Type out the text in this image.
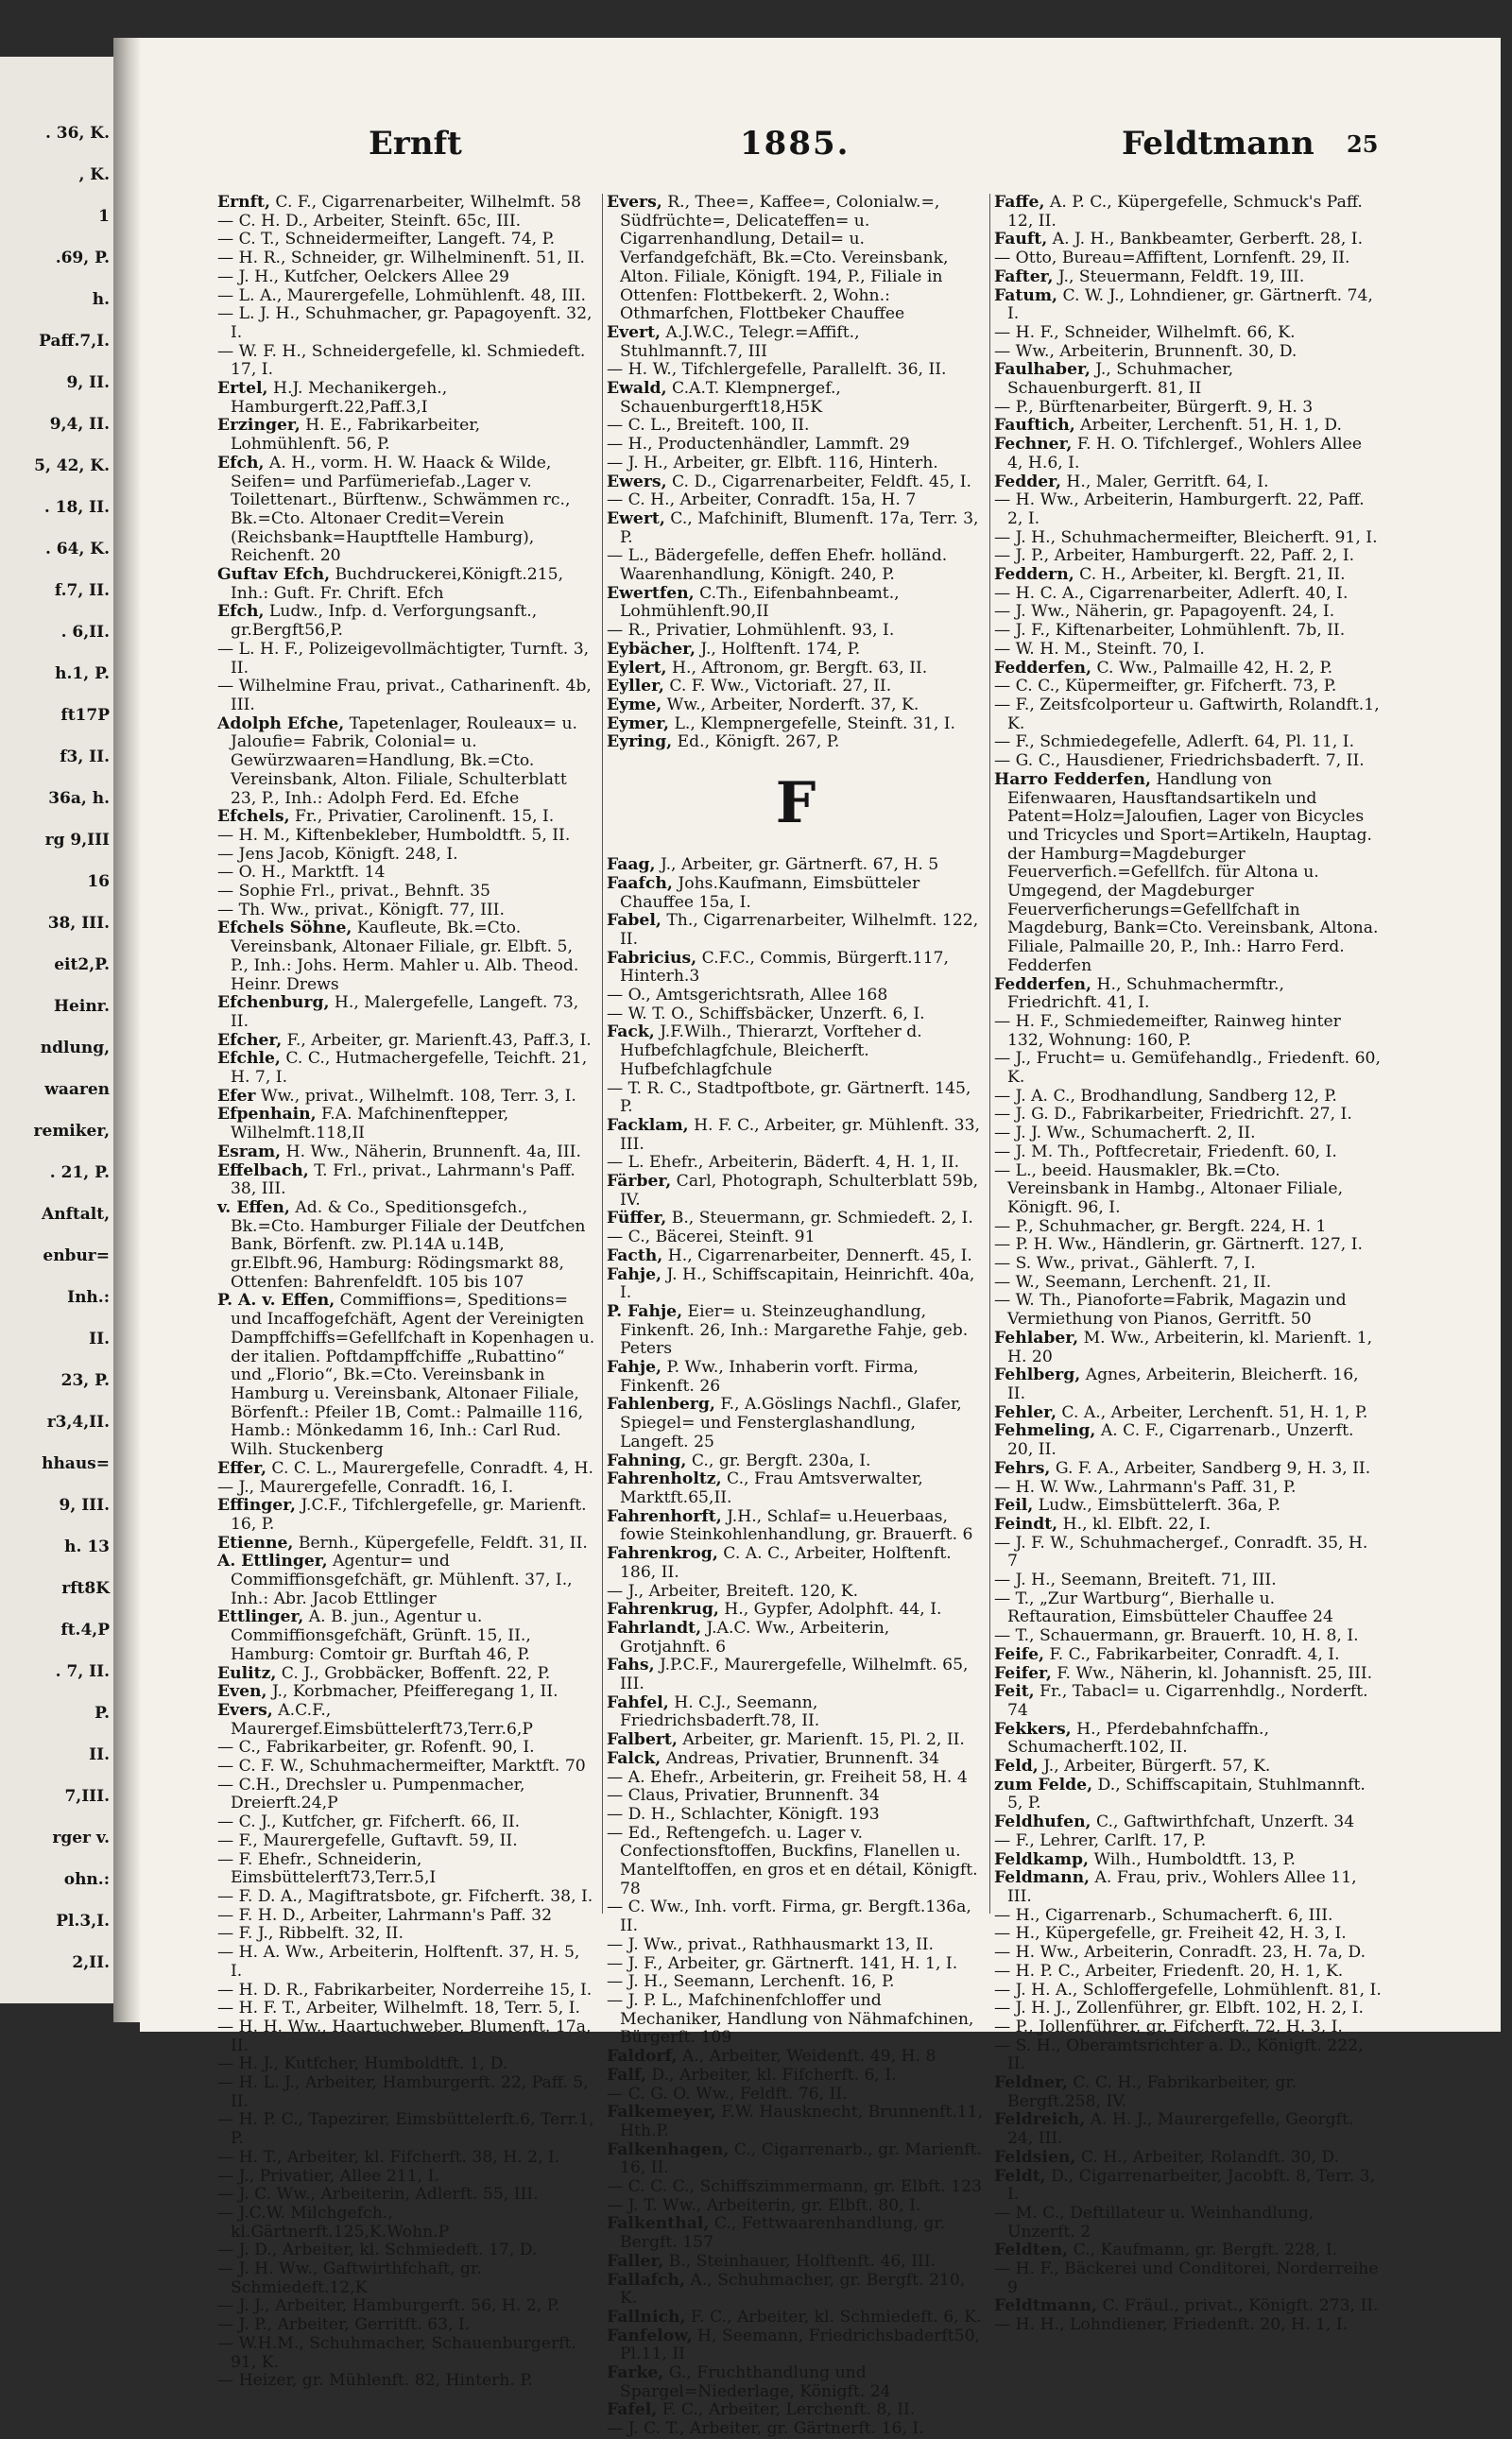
. 36, K.
, K.
1
.69, P.
h.
Paff.7,I.
9, II.
9,4, II.
5, 42, K.
. 18, II.
. 64, K.
f.7, II.
. 6,II.
h.1, P.
ft17P
f3, II.
36a, h.
rg 9,III
16
38, III.
eit2,P.
Heinr.
ndlung,
waaren
remiker,
. 21, P.
Anftalt,
enbur=
Inh.:
II.
23, P.
r3,4,II.
hhaus=
9, III.
h. 13
rft8K
ft.4,P
. 7, II.
P.
II.
7,III.
rger v.
ohn.:
Pl.3,I.
2,II.
Ernft	1885.	Feldtmann 25

Ernft, C. F., Cigarrenarbeiter, Wilhelmft. 58

— C. H. D., Arbeiter, Steinft. 65c, III.

— C. T., Schneidermeifter, Langeft. 74, P.

— H. R., Schneider, gr. Wilhelminenft. 51, II.

— J. H., Kutfcher, Oelckers Allee 29

— L. A., Maurergefelle, Lohmühlenft. 48, III.

— L. J. H., Schuhmacher, gr. Papagoyenft. 32, I.

— W. F. H., Schneidergefelle, kl. Schmiedeft. 17, I.

Ertel, H.J. Mechanikergeh., Hamburgerft.22,Paff.3,I

Erzinger, H. E., Fabrikarbeiter, Lohmühlenft. 56, P.

Efch, A. H., vorm. H. W. Haack & Wilde, Seifen= und Parfümeriefab.,Lager v. Toilettenart., Bürftenw., Schwämmen rc., Bk.=Cto. Altonaer Credit=Verein (Reichsbank=Hauptftelle Hamburg), Reichenft. 20

Guftav Efch, Buchdruckerei,Königft.215, Inh.: Guft. Fr. Chrift. Efch

Efch, Ludw., Infp. d. Verforgungsanft., gr.Bergft56,P.

— L. H. F., Polizeigevollmächtigter, Turnft. 3, II.

— Wilhelmine Frau, privat., Catharinenft. 4b, III.

Adolph Efche, Tapetenlager, Rouleaux= u. Jaloufie= Fabrik, Colonial= u. Gewürzwaaren=Handlung, Bk.=Cto. Vereinsbank, Alton. Filiale, Schulterblatt 23, P., Inh.: Adolph Ferd. Ed. Efche

Efchels, Fr., Privatier, Carolinenft. 15, I.

— H. M., Kiftenbekleber, Humboldtft. 5, II.

— Jens Jacob, Königft. 248, I.

— O. H., Marktft. 14

— Sophie Frl., privat., Behnft. 35

— Th. Ww., privat., Königft. 77, III.

Efchels Söhne, Kaufleute, Bk.=Cto. Vereinsbank, Altonaer Filiale, gr. Elbft. 5, P., Inh.: Johs. Herm. Mahler u. Alb. Theod. Heinr. Drews

Efchenburg, H., Malergefelle, Langeft. 73, II.

Efcher, F., Arbeiter, gr. Marienft.43, Paff.3, I.

Efchle, C. C., Hutmachergefelle, Teichft. 21, H. 7, I.

Efer Ww., privat., Wilhelmft. 108, Terr. 3, I.

Efpenhain, F.A. Mafchinenftepper, Wilhelmft.118,II

Esram, H. Ww., Näherin, Brunnenft. 4a, III.

Effelbach, T. Frl., privat., Lahrmann's Paff. 38, III.

v. Effen, Ad. & Co., Speditionsgefch., Bk.=Cto. Hamburger Filiale der Deutfchen Bank, Börfenft. zw. Pl.14A u.14B, gr.Elbft.96, Hamburg: Rödingsmarkt 88, Ottenfen: Bahrenfeldft. 105 bis 107

P. A. v. Effen, Commiffions=, Speditions= und Incaffogefchäft, Agent der Vereinigten Dampffchiffs=Gefellfchaft in Kopenhagen u. der italien. Poftdampffchiffe „Rubattino“ und „Florio“, Bk.=Cto. Vereinsbank in Hamburg u. Vereinsbank, Altonaer Filiale, Börfenft.: Pfeiler 1B, Comt.: Palmaille 116, Hamb.: Mönkedamm 16, Inh.: Carl Rud. Wilh. Stuckenberg

Effer, C. C. L., Maurergefelle, Conradft. 4, H.

— J., Maurergefelle, Conradft. 16, I.

Effinger, J.C.F., Tifchlergefelle, gr. Marienft. 16, P.

Etienne, Bernh., Küpergefelle, Feldft. 31, II.

A. Ettlinger, Agentur= und Commiffionsgefchäft, gr. Mühlenft. 37, I., Inh.: Abr. Jacob Ettlinger

Ettlinger, A. B. jun., Agentur u. Commiffionsgefchäft, Grünft. 15, II., Hamburg: Comtoir gr. Burftah 46, P.

Eulitz, C. J., Grobbäcker, Boffenft. 22, P.

Even, J., Korbmacher, Pfeifferegang 1, II.

Evers, A.C.F., Maurergef.Eimsbüttelerft73,Terr.6,P

— C., Fabrikarbeiter, gr. Rofenft. 90, I.

— C. F. W., Schuhmachermeifter, Marktft. 70

— C.H., Drechsler u. Pumpenmacher, Dreierft.24,P

— C. J., Kutfcher, gr. Fifcherft. 66, II.

— F., Maurergefelle, Guftavft. 59, II.

— F. Ehefr., Schneiderin, Eimsbüttelerft73,Terr.5,I

— F. D. A., Magiftratsbote, gr. Fifcherft. 38, I.

— F. H. D., Arbeiter, Lahrmann's Paff. 32

— F. J., Ribbelft. 32, II.

— H. A. Ww., Arbeiterin, Holftenft. 37, H. 5, I.

— H. D. R., Fabrikarbeiter, Norderreihe 15, I.

— H. F. T., Arbeiter, Wilhelmft. 18, Terr. 5, I.

— H. H. Ww., Haartuchweber, Blumenft. 17a, II.

— H. J., Kutfcher, Humboldtft. 1, D.

— H. L. J., Arbeiter, Hamburgerft. 22, Paff. 5, II.

— H. P. C., Tapezirer, Eimsbüttelerft.6, Terr.1, P.

— H. T., Arbeiter, kl. Fifcherft. 38, H. 2, I.

— J., Privatier, Allee 211, I.

— J. C. Ww., Arbeiterin, Adlerft. 55, III.

— J.C.W. Milchgefch., kl.Gärtnerft.125,K.Wohn.P

— J. D., Arbeiter, kl. Schmiedeft. 17, D.

— J. H. Ww., Gaftwirthfchaft, gr. Schmiedeft.12,K

— J. J., Arbeiter, Hamburgerft. 56, H. 2, P.

— J. P., Arbeiter, Gerritft. 63, I.

— W.H.M., Schuhmacher, Schauenburgerft. 91, K.

— Heizer, gr. Mühlenft. 82, Hinterh. P.

Evers, R., Thee=, Kaffee=, Colonialw.=, Südfrüchte=, Delicateffen= u. Cigarrenhandlung, Detail= u. Verfandgefchäft, Bk.=Cto. Vereinsbank, Alton. Filiale, Königft. 194, P., Filiale in Ottenfen: Flottbekerft. 2, Wohn.: Othmarfchen, Flottbeker Chauffee

Evert, A.J.W.C., Telegr.=Affift., Stuhlmannft.7, III

— H. W., Tifchlergefelle, Parallelft. 36, II.

Ewald, C.A.T. Klempnergef., Schauenburgerft18,H5K

— C. L., Breiteft. 100, II.

— H., Productenhändler, Lammft. 29

— J. H., Arbeiter, gr. Elbft. 116, Hinterh.

Ewers, C. D., Cigarrenarbeiter, Feldft. 45, I.

— C. H., Arbeiter, Conradft. 15a, H. 7

Ewert, C., Mafchinift, Blumenft. 17a, Terr. 3, P.

— L., Bädergefelle, deffen Ehefr. holländ. Waarenhandlung, Königft. 240, P.

Ewertfen, C.Th., Eifenbahnbeamt., Lohmühlenft.90,II

— R., Privatier, Lohmühlenft. 93, I.

Eybächer, J., Holftenft. 174, P.

Eylert, H., Aftronom, gr. Bergft. 63, II.

Eyller, C. F. Ww., Victoriaft. 27, II.

Eyme, Ww., Arbeiter, Norderft. 37, K.

Eymer, L., Klempnergefelle, Steinft. 31, I.

Eyring, Ed., Königft. 267, P.

F

Faag, J., Arbeiter, gr. Gärtnerft. 67, H. 5

Faafch, Johs.Kaufmann, Eimsbütteler Chauffee 15a, I.

Fabel, Th., Cigarrenarbeiter, Wilhelmft. 122, II.

Fabricius, C.F.C., Commis, Bürgerft.117, Hinterh.3

— O., Amtsgerichtsrath, Allee 168

— W. T. O., Schiffsbäcker, Unzerft. 6, I.

Fack, J.F.Wilh., Thierarzt, Vorfteher d. Hufbefchlagfchule, Bleicherft. Hufbefchlagfchule

— T. R. C., Stadtpoftbote, gr. Gärtnerft. 145, P.

Facklam, H. F. C., Arbeiter, gr. Mühlenft. 33, III.

— L. Ehefr., Arbeiterin, Bäderft. 4, H. 1, II.

Färber, Carl, Photograph, Schulterblatt 59b, IV.

Füffer, B., Steuermann, gr. Schmiedeft. 2, I.

— C., Bäcerei, Steinft. 91

Facth, H., Cigarrenarbeiter, Dennerft. 45, I.

Fahje, J. H., Schiffscapitain, Heinrichft. 40a, I.

P. Fahje, Eier= u. Steinzeughandlung, Finkenft. 26, Inh.: Margarethe Fahje, geb. Peters

Fahje, P. Ww., Inhaberin vorft. Firma, Finkenft. 26

Fahlenberg, F., A.Göslings Nachfl., Glafer, Spiegel= und Fensterglashandlung, Langeft. 25

Fahning, C., gr. Bergft. 230a, I.

Fahrenholtz, C., Frau Amtsverwalter, Marktft.65,II.

Fahrenhorft, J.H., Schlaf= u.Heuerbaas, fowie Steinkohlenhandlung, gr. Brauerft. 6

Fahrenkrog, C. A. C., Arbeiter, Holftenft. 186, II.

— J., Arbeiter, Breiteft. 120, K.

Fahrenkrug, H., Gypfer, Adolphft. 44, I.

Fahrlandt, J.A.C. Ww., Arbeiterin, Grotjahnft. 6

Fahs, J.P.C.F., Maurergefelle, Wilhelmft. 65, III.

Fahfel, H. C.J., Seemann, Friedrichsbaderft.78, II.

Falbert, Arbeiter, gr. Marienft. 15, Pl. 2, II.

Falck, Andreas, Privatier, Brunnenft. 34

— A. Ehefr., Arbeiterin, gr. Freiheit 58, H. 4

— Claus, Privatier, Brunnenft. 34

— D. H., Schlachter, Königft. 193

— Ed., Reftengefch. u. Lager v. Confectionsftoffen, Buckfins, Flanellen u. Mantelftoffen, en gros et en détail, Königft. 78

— C. Ww., Inh. vorft. Firma, gr. Bergft.136a, II.

— J. Ww., privat., Rathhausmarkt 13, II.

— J. F., Arbeiter, gr. Gärtnerft. 141, H. 1, I.

— J. H., Seemann, Lerchenft. 16, P.

— J. P. L., Mafchinenfchloffer und Mechaniker, Handlung von Nähmafchinen, Bürgerft. 109

Faldorf, A., Arbeiter, Weidenft. 49, H. 8

Falf, D., Arbeiter, kl. Fifcherft. 6, I.

— C. G. O. Ww., Feldft. 76, II.

Falkemeyer, F.W. Hausknecht, Brunnenft.11, Hth.P.

Falkenhagen, C., Cigarrenarb., gr. Marienft. 16, II.

— C. C. C., Schiffszimmermann, gr. Elbft. 123

— J. T. Ww., Arbeiterin, gr. Elbft. 80, I.

Falkenthal, C., Fettwaarenhandlung, gr. Bergft. 157

Faller, B., Steinhauer, Holftenft. 46, III.

Fallafch, A., Schuhmacher, gr. Bergft. 210, K.

Fallnich, F. C., Arbeiter, kl. Schmiedeft. 6, K.

Fanfelow, H, Seemann, Friedrichsbaderft50, Pl.11, II

Farke, G., Fruchthandlung und Spargel=Niederlage, Königft. 24

Fafel, F. C., Arbeiter, Lerchenft. 8, II.

— J. C. T., Arbeiter, gr. Gärtnerft. 16, I.

Faffe, A. P. C., Küpergefelle, Schmuck's Paff. 12, II.

Fauft, A. J. H., Bankbeamter, Gerberft. 28, I.

— Otto, Bureau=Affiftent, Lornfenft. 29, II.

Fafter, J., Steuermann, Feldft. 19, III.

Fatum, C. W. J., Lohndiener, gr. Gärtnerft. 74, I.

— H. F., Schneider, Wilhelmft. 66, K.

— Ww., Arbeiterin, Brunnenft. 30, D.

Faulhaber, J., Schuhmacher, Schauenburgerft. 81, II

— P., Bürftenarbeiter, Bürgerft. 9, H. 3

Fauftich, Arbeiter, Lerchenft. 51, H. 1, D.

Fechner, F. H. O. Tifchlergef., Wohlers Allee 4, H.6, I.

Fedder, H., Maler, Gerritft. 64, I.

— H. Ww., Arbeiterin, Hamburgerft. 22, Paff. 2, I.

— J. H., Schuhmachermeifter, Bleicherft. 91, I.

— J. P., Arbeiter, Hamburgerft. 22, Paff. 2, I.

Feddern, C. H., Arbeiter, kl. Bergft. 21, II.

— H. C. A., Cigarrenarbeiter, Adlerft. 40, I.

— J. Ww., Näherin, gr. Papagoyenft. 24, I.

— J. F., Kiftenarbeiter, Lohmühlenft. 7b, II.

— W. H. M., Steinft. 70, I.

Fedderfen, C. Ww., Palmaille 42, H. 2, P.

— C. C., Küpermeifter, gr. Fifcherft. 73, P.

— F., Zeitsfcolporteur u. Gaftwirth, Rolandft.1, K.

— F., Schmiedegefelle, Adlerft. 64, Pl. 11, I.

— G. C., Hausdiener, Friedrichsbaderft. 7, II.

Harro Fedderfen, Handlung von Eifenwaaren, Hausftandsartikeln und Patent=Holz=Jaloufien, Lager von Bicycles und Tricycles und Sport=Artikeln, Hauptag. der Hamburg=Magdeburger Feuerverfich.=Gefellfch. für Altona u. Umgegend, der Magdeburger Feuerverficherungs=Gefellfchaft in Magdeburg, Bank=Cto. Vereinsbank, Altona. Filiale, Palmaille 20, P., Inh.: Harro Ferd. Fedderfen

Fedderfen, H., Schuhmachermftr., Friedrichft. 41, I.

— H. F., Schmiedemeifter, Rainweg hinter 132, Wohnung: 160, P.

— J., Frucht= u. Gemüfehandlg., Friedenft. 60, K.

— J. A. C., Brodhandlung, Sandberg 12, P.

— J. G. D., Fabrikarbeiter, Friedrichft. 27, I.

— J. J. Ww., Schumacherft. 2, II.

— J. M. Th., Poftfecretair, Friedenft. 60, I.

— L., beeid. Hausmakler, Bk.=Cto. Vereinsbank in Hambg., Altonaer Filiale, Königft. 96, I.

— P., Schuhmacher, gr. Bergft. 224, H. 1

— P. H. Ww., Händlerin, gr. Gärtnerft. 127, I.

— S. Ww., privat., Gählerft. 7, I.

— W., Seemann, Lerchenft. 21, II.

— W. Th., Pianoforte=Fabrik, Magazin und Vermiethung von Pianos, Gerritft. 50

Fehlaber, M. Ww., Arbeiterin, kl. Marienft. 1, H. 20

Fehlberg, Agnes, Arbeiterin, Bleicherft. 16, II.

Fehler, C. A., Arbeiter, Lerchenft. 51, H. 1, P.

Fehmeling, A. C. F., Cigarrenarb., Unzerft. 20, II.

Fehrs, G. F. A., Arbeiter, Sandberg 9, H. 3, II.

— H. W. Ww., Lahrmann's Paff. 31, P.

Feil, Ludw., Eimsbüttelerft. 36a, P.

Feindt, H., kl. Elbft. 22, I.

— J. F. W., Schuhmachergef., Conradft. 35, H. 7

— J. H., Seemann, Breiteft. 71, III.

— T., „Zur Wartburg“, Bierhalle u. Reftauration, Eimsbütteler Chauffee 24

— T., Schauermann, gr. Brauerft. 10, H. 8, I.

Feife, F. C., Fabrikarbeiter, Conradft. 4, I.

Feifer, F. Ww., Näherin, kl. Johannisft. 25, III.

Feit, Fr., Tabacl= u. Cigarrenhdlg., Norderft. 74

Fekkers, H., Pferdebahnfchaffn., Schumacherft.102, II.

Feld, J., Arbeiter, Bürgerft. 57, K.

zum Felde, D., Schiffscapitain, Stuhlmannft. 5, P.

Feldhufen, C., Gaftwirthfchaft, Unzerft. 34

— F., Lehrer, Carlft. 17, P.

Feldkamp, Wilh., Humboldtft. 13, P.

Feldmann, A. Frau, priv., Wohlers Allee 11, III.

— H., Cigarrenarb., Schumacherft. 6, III.

— H., Küpergefelle, gr. Freiheit 42, H. 3, I.

— H. Ww., Arbeiterin, Conradft. 23, H. 7a, D.

— H. P. C., Arbeiter, Friedenft. 20, H. 1, K.

— J. H. A., Schloffergefelle, Lohmühlenft. 81, I.

— J. H. J., Zollenführer, gr. Elbft. 102, H. 2, I.

— P., Jollenführer, gr. Fifcherft. 72, H. 3, I.

— S. H., Oberamtsrichter a. D., Königft. 222, II.

Feldner, C. C. H., Fabrikarbeiter, gr. Bergft.258, IV.

Feldreich, A. H. J., Maurergefelle, Georgft. 24, III.

Feldsien, C. H., Arbeiter, Rolandft. 30, D.

Feldt, D., Cigarrenarbeiter, Jacobft. 8, Terr. 3, I.

— M. C., Deftillateur u. Weinhandlung, Unzerft. 2

Feldten, C., Kaufmann, gr. Bergft. 228, I.

— H. F., Bäckerei und Conditorei, Norderreihe 9

Feldtmann, C. Fräul., privat., Königft. 273, II.

— H. H., Lohndiener, Friedenft. 20, H. 1, I.
